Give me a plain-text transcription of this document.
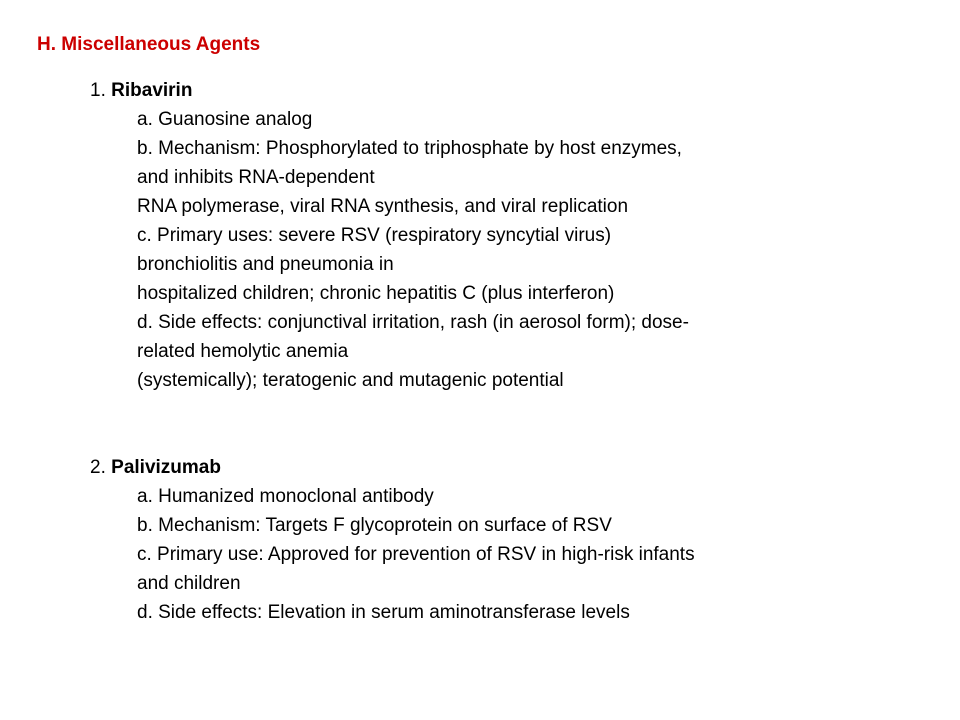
H. Miscellaneous Agents
1. Ribavirin
a. Guanosine analog
b. Mechanism: Phosphorylated to triphosphate by host enzymes,
and inhibits RNA-dependent
RNA polymerase, viral RNA synthesis, and viral replication
c. Primary uses: severe RSV (respiratory syncytial virus)
bronchiolitis and pneumonia in
hospitalized children; chronic hepatitis C (plus interferon)
d. Side effects: conjunctival irritation, rash (in aerosol form); dose-
related hemolytic anemia
(systemically); teratogenic and mutagenic potential
2. Palivizumab
a. Humanized monoclonal antibody
b. Mechanism: Targets F glycoprotein on surface of RSV
c. Primary use: Approved for prevention of RSV in high-risk infants
and children
d. Side effects: Elevation in serum aminotransferase levels
